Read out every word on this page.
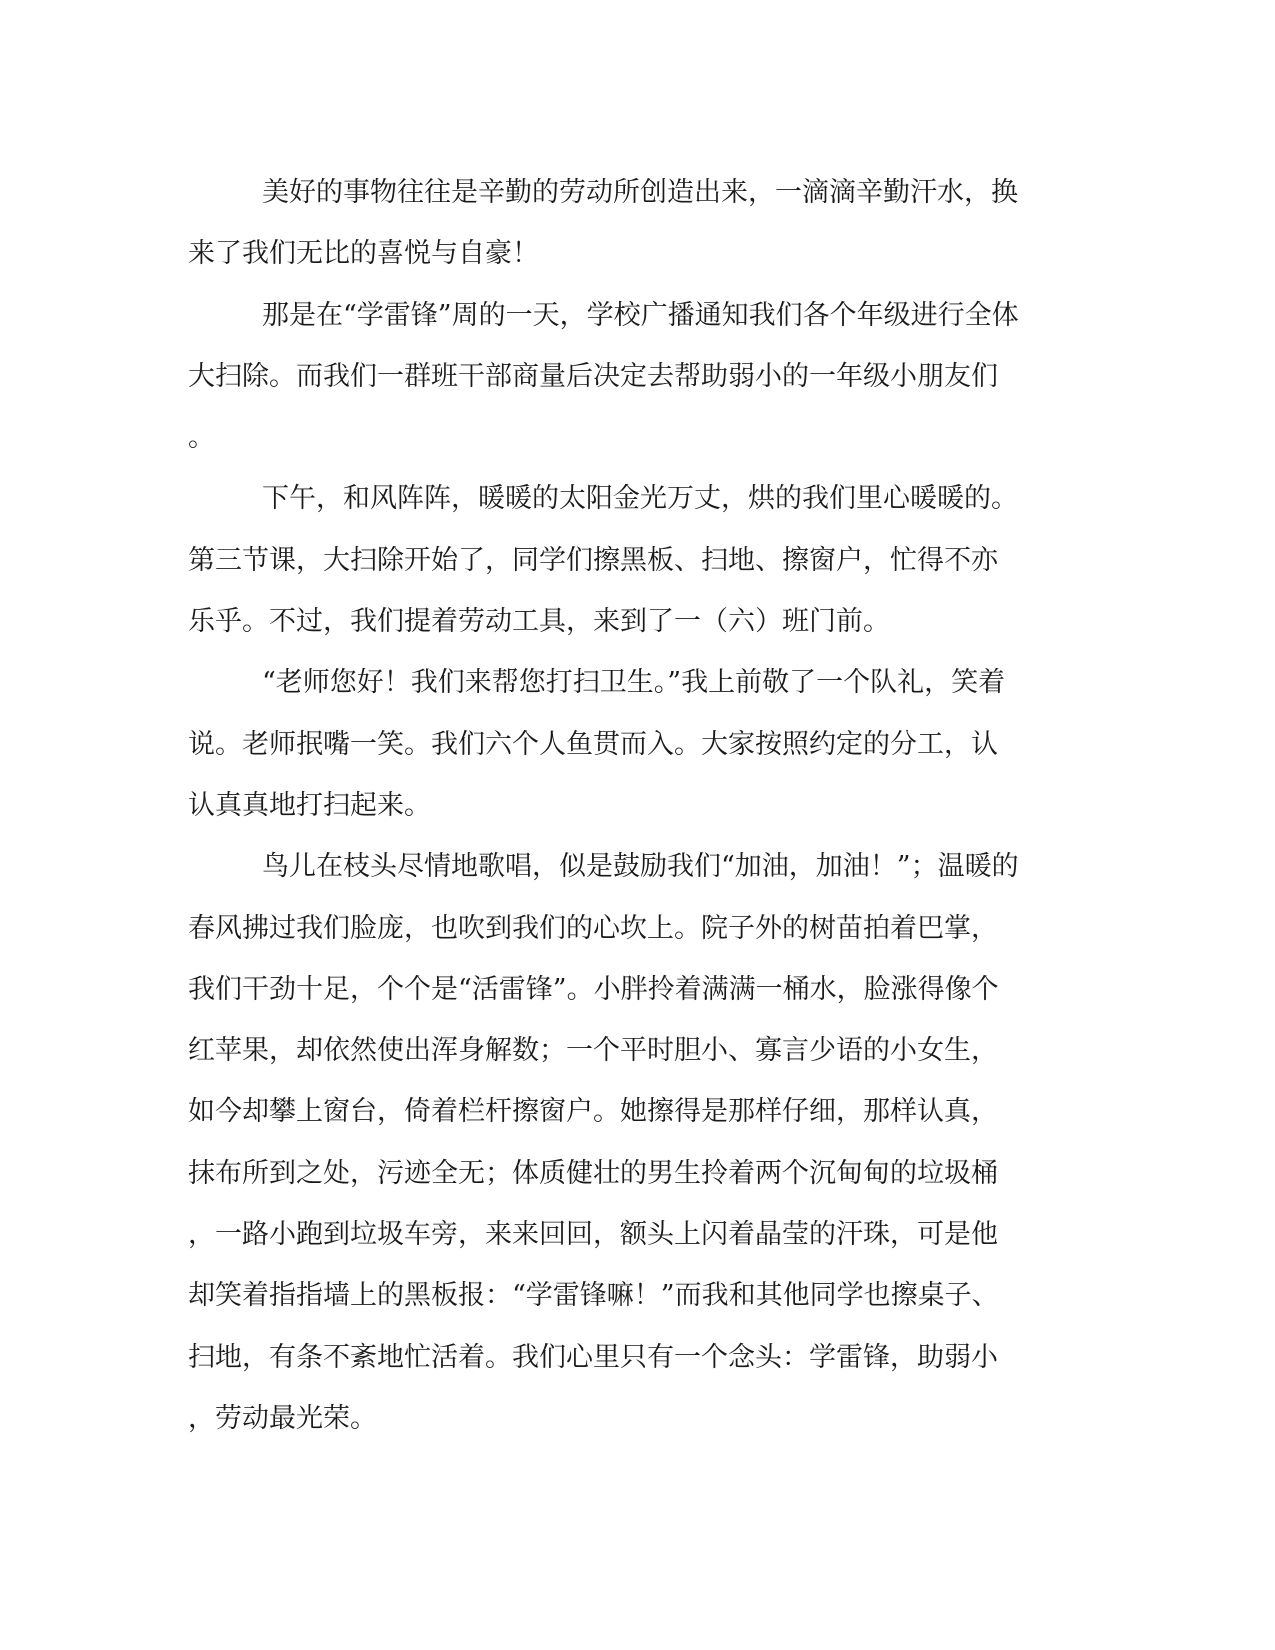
美好的事物往往是辛勤的劳动所创造出来，一滴滴辛勤汗水，换
来了我们无比的喜悦与自豪！
那是在“学雷锋”周的一天，学校广播通知我们各个年级进行全体
大扫除。而我们一群班干部商量后决定去帮助弱小的一年级小朋友们
。
下午，和风阵阵，暖暖的太阳金光万丈，烘的我们里心暖暖的。
第三节课，大扫除开始了，同学们擦黑板、扫地、擦窗户，忙得不亦
乐乎。不过，我们提着劳动工具，来到了一（六）班门前。
“老师您好！我们来帮您打扫卫生。”我上前敬了一个队礼，笑着
说。老师抿嘴一笑。我们六个人鱼贯而入。大家按照约定的分工，认
认真真地打扫起来。
鸟儿在枝头尽情地歌唱，似是鼓励我们“加油，加油！”；温暖的
春风拂过我们脸庞，也吹到我们的心坎上。院子外的树苗拍着巴掌，
我们干劲十足，个个是“活雷锋”。小胖拎着满满一桶水，脸涨得像个
红苹果，却依然使出浑身解数；一个平时胆小、寡言少语的小女生，
如今却攀上窗台，倚着栏杆擦窗户。她擦得是那样仔细，那样认真，
抹布所到之处，污迹全无；体质健壮的男生拎着两个沉甸甸的垃圾桶
，一路小跑到垃圾车旁，来来回回，额头上闪着晶莹的汗珠，可是他
却笑着指指墙上的黑板报：“学雷锋嘛！”而我和其他同学也擦桌子、
扫地，有条不紊地忙活着。我们心里只有一个念头：学雷锋，助弱小
，劳动最光荣。
